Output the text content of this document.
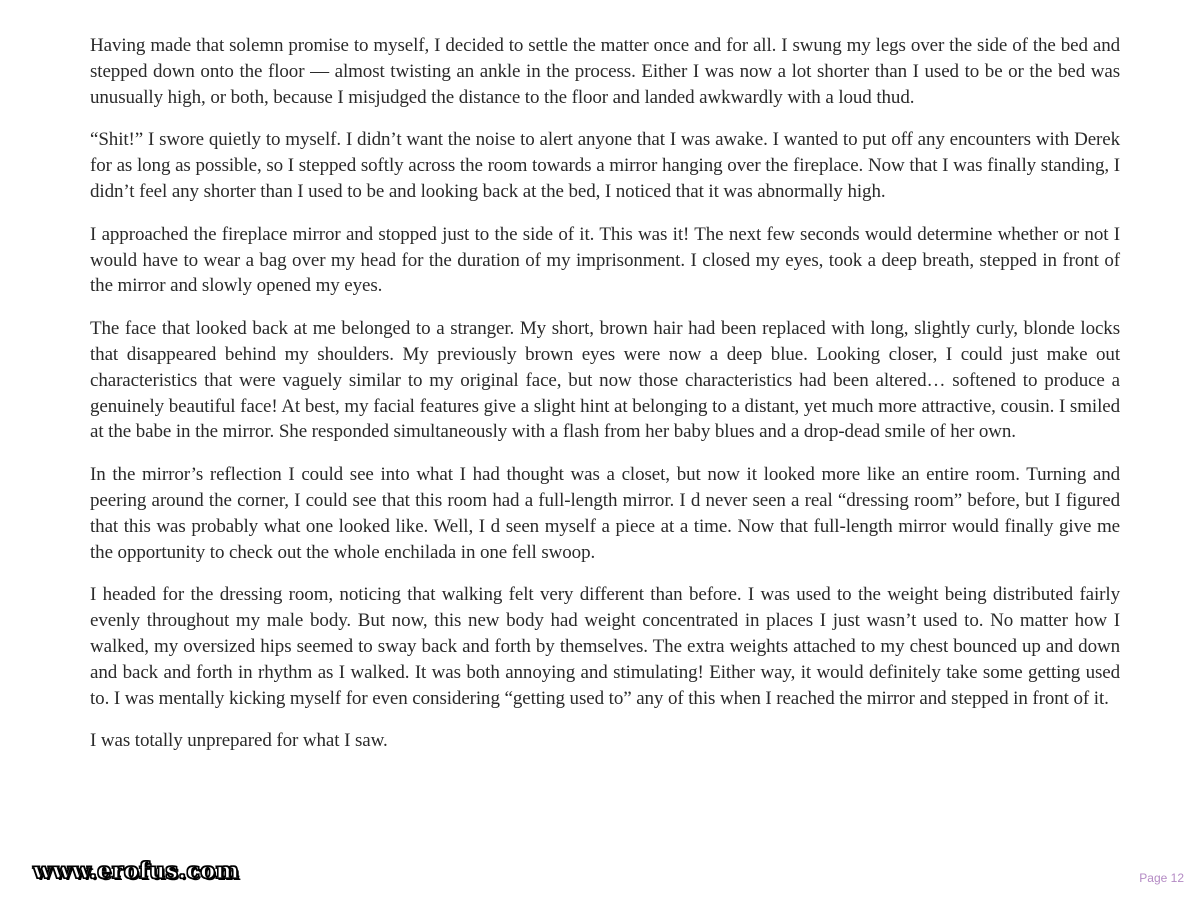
Having made that solemn promise to myself, I decided to settle the matter once and for all. I swung my legs over the side of the bed and stepped down onto the floor — almost twisting an ankle in the process. Either I was now a lot shorter than I used to be or the bed was unusually high, or both, because I misjudged the distance to the floor and landed awkwardly with a loud thud.

“Shit!” I swore quietly to myself. I didn’t want the noise to alert anyone that I was awake. I wanted to put off any encounters with Derek for as long as possible, so I stepped softly across the room towards a mirror hanging over the fireplace. Now that I was finally standing, I didn’t feel any shorter than I used to be and looking back at the bed, I noticed that it was abnormally high.

I approached the fireplace mirror and stopped just to the side of it. This was it! The next few seconds would determine whether or not I would have to wear a bag over my head for the duration of my imprisonment. I closed my eyes, took a deep breath, stepped in front of the mirror and slowly opened my eyes.

The face that looked back at me belonged to a stranger. My short, brown hair had been replaced with long, slightly curly, blonde locks that disappeared behind my shoulders. My previously brown eyes were now a deep blue. Looking closer, I could just make out characteristics that were vaguely similar to my original face, but now those characteristics had been altered… softened to produce a genuinely beautiful face! At best, my facial features give a slight hint at belonging to a distant, yet much more attractive, cousin. I smiled at the babe in the mirror. She responded simultaneously with a flash from her baby blues and a drop-dead smile of her own.

In the mirror’s reflection I could see into what I had thought was a closet, but now it looked more like an entire room. Turning and peering around the corner, I could see that this room had a full-length mirror. I d never seen a real “dressing room” before, but I figured that this was probably what one looked like. Well, I d seen myself a piece at a time. Now that full-length mirror would finally give me the opportunity to check out the whole enchilada in one fell swoop.

I headed for the dressing room, noticing that walking felt very different than before. I was used to the weight being distributed fairly evenly throughout my male body. But now, this new body had weight concentrated in places I just wasn’t used to. No matter how I walked, my oversized hips seemed to sway back and forth by themselves. The extra weights attached to my chest bounced up and down and back and forth in rhythm as I walked. It was both annoying and stimulating! Either way, it would definitely take some getting used to. I was mentally kicking myself for even considering “getting used to” any of this when I reached the mirror and stepped in front of it.

I was totally unprepared for what I saw.

www.erofus.com	Page 12
